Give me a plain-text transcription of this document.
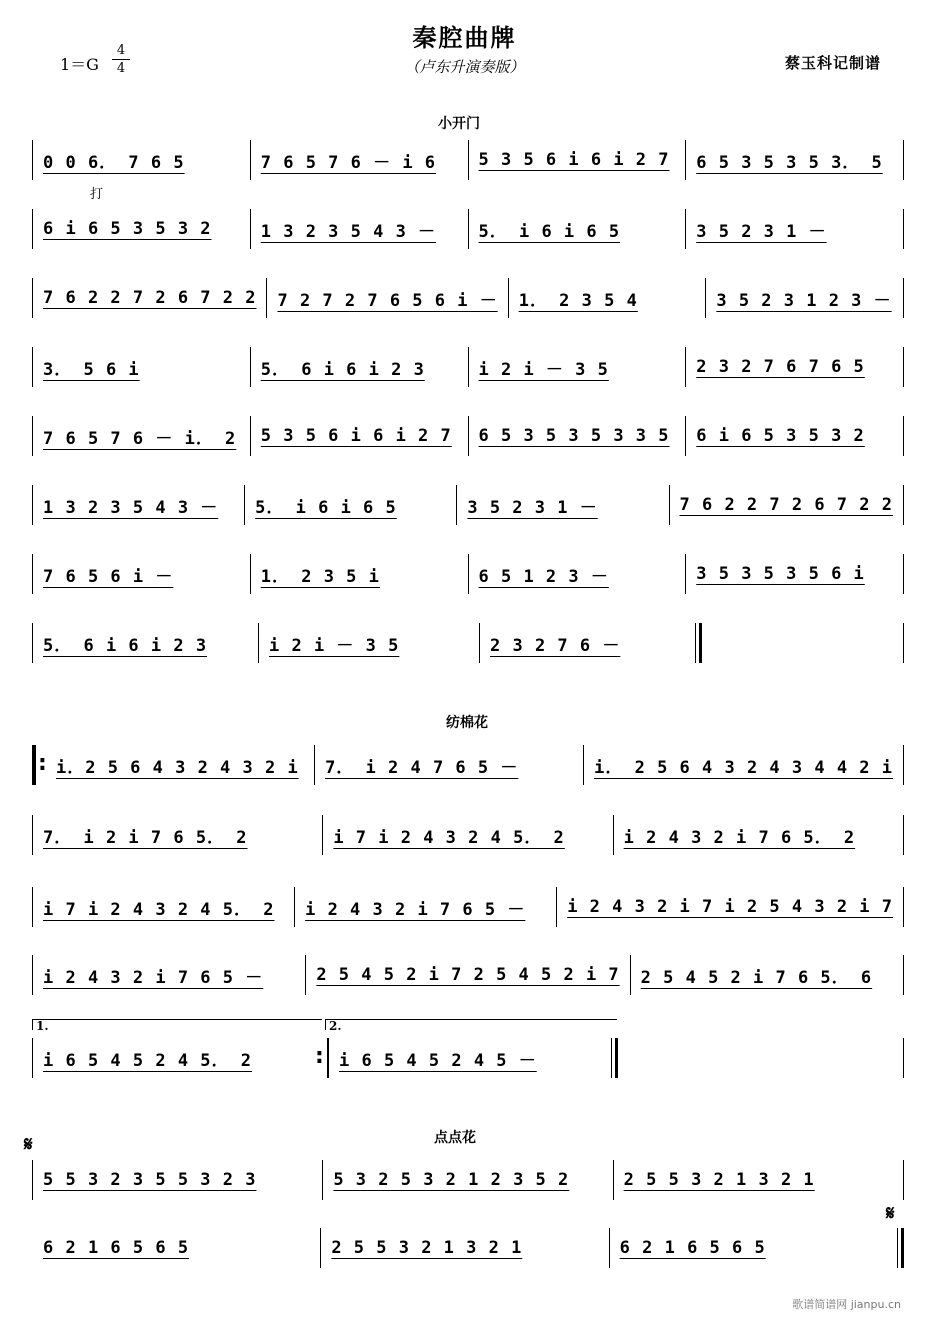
秦腔曲牌
（卢东升演奏版）
1＝G
4
4	蔡玉科记制谱
小开门
打
0 0 6． 7 6 5	7 6 5 7 6 － i 6	5 3 5 6 i 6 i 2 7	6 5 3 5 3 5 3． 5
6 i 6 5 3 5 3 2	1 3 2 3 5 4 3 －	5． i 6 i 6 5	3 5 2 3 1 －
7 6 2 2 7 2 6 7 2 2	7 2 7 2 7 6 5 6 i －	1． 2 3 5 4	3 5 2 3 1 2 3 －
3． 5 6 i	5． 6 i 6 i 2 3	i 2 i － 3 5	2 3 2 7 6 7 6 5
7 6 5 7 6 － i． 2	5 3 5 6 i 6 i 2 7	6 5 3 5 3 5 3 3 5	6 i 6 5 3 5 3 2
1 3 2 3 5 4 3 －	5． i 6 i 6 5	3 5 2 3 1 －	7 6 2 2 7 2 6 7 2 2
7 6 5 6 i －	1． 2 3 5 i	6 5 1 2 3 －	3 5 3 5 3 5 6 i
5． 6 i 6 i 2 3	i 2 i － 3 5	2 3 2 7 6 －
纺棉花
:
i．2 5 6 4 3 2 4 3 2 i	7． i 2 4 7 6 5 －	i． 2 5 6 4 3 2 4 3 4 4 2 i
7． i 2 i 7 6 5． 2	i 7 i 2 4 3 2 4 5． 2	i 2 4 3 2 i 7 6 5． 2
i 7 i 2 4 3 2 4 5． 2	i 2 4 3 2 i 7 6 5 －	i 2 4 3 2 i 7 i 2 5 4 3 2 i 7
i 2 4 3 2 i 7 6 5 －	2 5 4 5 2 i 7 2 5 4 5 2 i 7	2 5 4 5 2 i 7 6 5． 6
1.	2.
i 6 5 4 5 2 4 5． 2
:	i 6 5 4 5 2 4 5 －
点点花
𝄋
5 5 3 2 3 5 5 3 2 3	5 3 2 5 3 2 1 2 3 5 2	2 5 5 3 2 1 3 2 1
𝄋
6 2 1 6 5 6 5	2 5 5 3 2 1 3 2 1	6 2 1 6 5 6 5
歌谱简谱网 jianpu.cn
